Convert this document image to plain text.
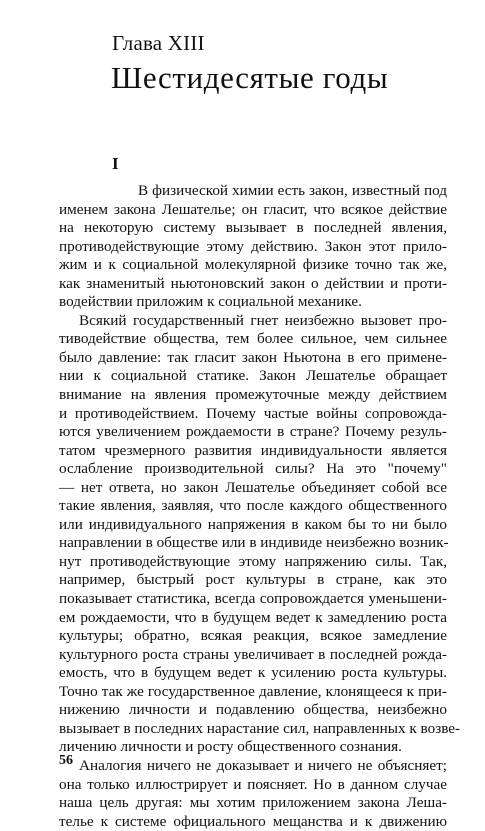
Глава XIII
Шестидесятые годы
I
В физической химии есть закон, известный под
именем закона Лешателье; он гласит, что всякое действие
на некоторую систему вызывает в последней явления,
противодействующие этому действию. Закон этот прило-
жим и к социальной молекулярной физике точно так же,
как знаменитый ньютоновский закон о действии и проти-
водействии приложим к социальной механике.
Всякий государственный гнет неизбежно вызовет про-
тиводействие общества, тем более сильное, чем сильнее
было давление: так гласит закон Ньютона в его примене-
нии к социальной статике. Закон Лешателье обращает
внимание на явления промежуточные между действием
и противодействием. Почему частые войны сопровожда-
ются увеличением рождаемости в стране? Почему резуль-
татом чрезмерного развития индивидуальности является
ослабление производительной силы? На это "почему"
— нет ответа, но закон Лешателье объединяет собой все
такие явления, заявляя, что после каждого общественного
или индивидуального напряжения в каком бы то ни было
направлении в обществе или в индивиде неизбежно возник-
нут противодействующие этому напряжению силы. Так,
например, быстрый рост культуры в стране, как это
показывает статистика, всегда сопровождается уменьшени-
ем рождаемости, что в будущем ведет к замедлению роста
культуры; обратно, всякая реакция, всякое замедление
культурного роста страны увеличивает в последней рожда-
емость, что в будущем ведет к усилению роста культуры.
Точно так же государственное давление, клонящееся к при-
нижению личности и подавлению общества, неизбежно
вызывает в последних нарастание сил, направленных к возве-
личению личности и росту общественного сознания.
Аналогия ничего не доказывает и ничего не объясняет;
она только иллюстрирует и поясняет. Но в данном случае
наша цель другая: мы хотим приложением закона Леша-
телье к системе официального мещанства и к движению
56
